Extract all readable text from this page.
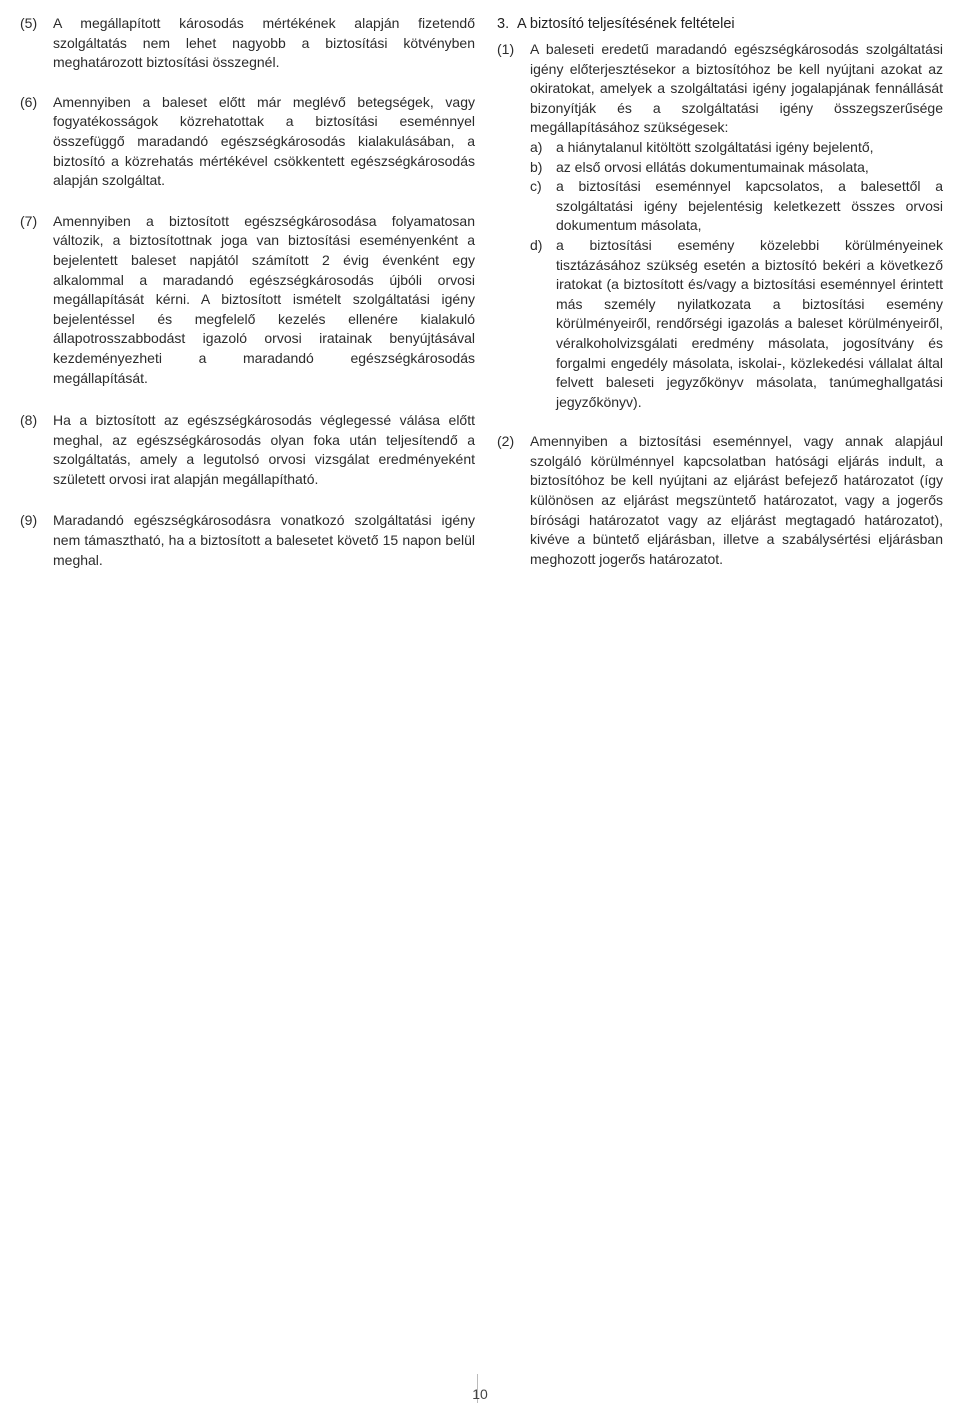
(5)	A megállapított károsodás mértékének alapján fizetendő szolgáltatás nem lehet nagyobb a biztosítási kötvényben meghatározott biztosítási összegnél.
(6)	Amennyiben a baleset előtt már meglévő betegségek, vagy fogyatékosságok közrehatottak a biztosítási eseménnyel összefüggő maradandó egészségkárosodás kialakulásában, a biztosító a közrehatás mértékével csökkentett egészségkárosodás alapján szolgáltat.
(7)	Amennyiben a biztosított egészségkárosodása folyamatosan változik, a biztosítottnak joga van biztosítási eseményenként a bejelentett baleset napjától számított 2 évig évenként egy alkalommal a maradandó egészségkárosodás újbóli orvosi megállapítását kérni. A biztosított ismételt szolgáltatási igény bejelentéssel és megfelelő kezelés ellenére kialakuló állapotrosszabbodást igazoló orvosi iratainak benyújtásával kezdeményezheti a maradandó egészségkárosodás megállapítását.
(8)	Ha a biztosított az egészségkárosodás véglegessé válása előtt meghal, az egészségkárosodás olyan foka után teljesítendő a szolgáltatás, amely a legutolsó orvosi vizsgálat eredményeként született orvosi irat alapján megállapítható.
(9)	Maradandó egészségkárosodásra vonatkozó szolgáltatási igény nem támasztható, ha a biztosított a balesetet követő 15 napon belül meghal.
3. A biztosító teljesítésének feltételei
(1)	A baleseti eredetű maradandó egészségkárosodás szolgáltatási igény előterjesztésekor a biztosítóhoz be kell nyújtani azokat az okiratokat, amelyek a szolgáltatási igény jogalapjának fennállását bizonyítják és a szolgáltatási igény összegszerűsége megállapításához szükségesek:
a) a hiánytalanul kitöltött szolgáltatási igény bejelentő,
b) az első orvosi ellátás dokumentumainak másolata,
c)	a biztosítási eseménnyel kapcsolatos, a balesettől a szolgáltatási igény bejelentésig keletkezett összes orvosi dokumentum másolata,
d) a biztosítási esemény közelebbi körülményeinek tisztázásához szükség esetén a biztosító bekéri a következő iratokat (a biztosított és/vagy a biztosítási eseménnyel érintett más személy nyilatkozata a biztosítási esemény körülményeiről, rendőrségi igazolás a baleset körülményeiről, véralkoholvizsgálati eredmény másolata, jogosítvány és forgalmi engedély másolata, iskolai-, közlekedési vállalat által felvett baleseti jegyzőkönyv másolata, tanúmeghallgatási jegyzőkönyv).
(2)	Amennyiben a biztosítási eseménnyel, vagy annak alapjául szolgáló körülménnyel kapcsolatban hatósági eljárás indult, a biztosítóhoz be kell nyújtani az eljárást befejező határozatot (így különösen az eljárást megszüntető határozatot, vagy a jogerős bírósági határozatot vagy az eljárást megtagadó határozatot), kivéve a büntető eljárásban, illetve a szabálysértési eljárásban meghozott jogerős határozatot.
10
